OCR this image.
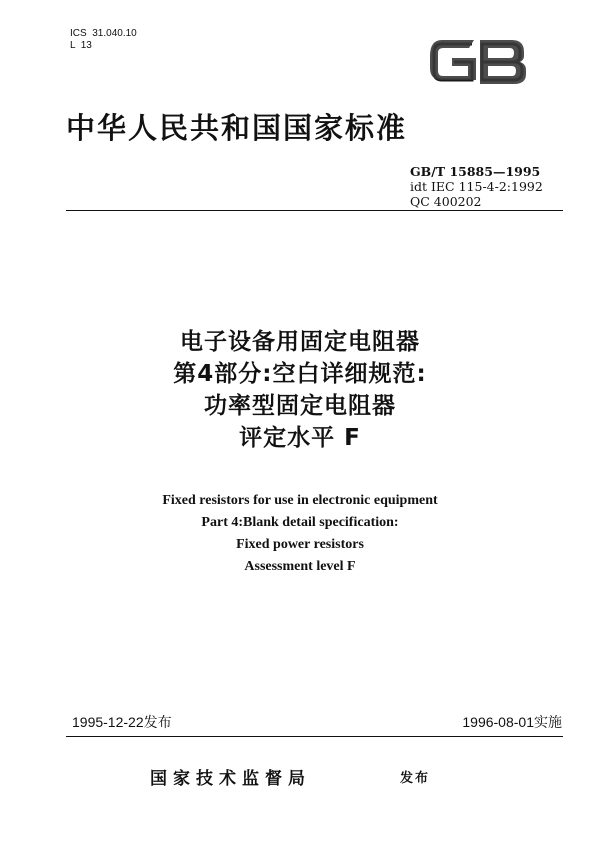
ICS  31.040.10
L  13
中华人民共和国国家标准
GB/T 15885—1995
idt IEC 115-4-2:1992
QC 400202
电子设备用固定电阻器
第4部分:空白详细规范:
功率型固定电阻器
评定水平 F
Fixed resistors for use in electronic equipment
Part 4:Blank detail specification:
Fixed power resistors
Assessment level F
1995-12-22发布	1996-08-01实施
国家技术监督局	发布
